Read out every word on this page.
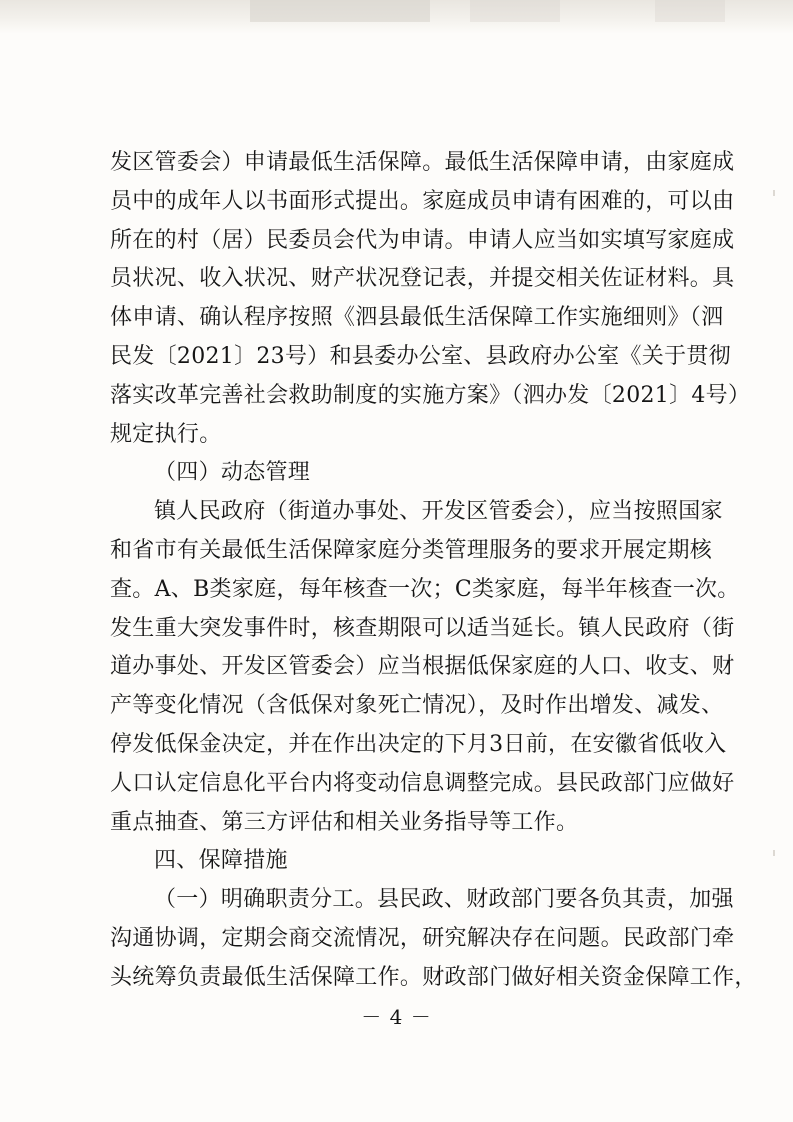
发区管委会）申请最低生活保障。最低生活保障申请，由家庭成
员中的成年人以书面形式提出。家庭成员申请有困难的，可以由
所在的村（居）民委员会代为申请。申请人应当如实填写家庭成
员状况、收入状况、财产状况登记表，并提交相关佐证材料。具
体申请、确认程序按照《泗县最低生活保障工作实施细则》（泗
民发〔2021〕23号）和县委办公室、县政府办公室《关于贯彻
落实改革完善社会救助制度的实施方案》（泗办发〔2021〕4号）
规定执行。
（四）动态管理
镇人民政府（街道办事处、开发区管委会），应当按照国家
和省市有关最低生活保障家庭分类管理服务的要求开展定期核
查。A、B类家庭，每年核查一次；C类家庭，每半年核查一次。
发生重大突发事件时，核查期限可以适当延长。镇人民政府（街
道办事处、开发区管委会）应当根据低保家庭的人口、收支、财
产等变化情况（含低保对象死亡情况），及时作出增发、减发、
停发低保金决定，并在作出决定的下月3日前，在安徽省低收入
人口认定信息化平台内将变动信息调整完成。县民政部门应做好
重点抽查、第三方评估和相关业务指导等工作。
四、保障措施
（一）明确职责分工。县民政、财政部门要各负其责，加强
沟通协调，定期会商交流情况，研究解决存在问题。民政部门牵
头统筹负责最低生活保障工作。财政部门做好相关资金保障工作，
－ 4 －
